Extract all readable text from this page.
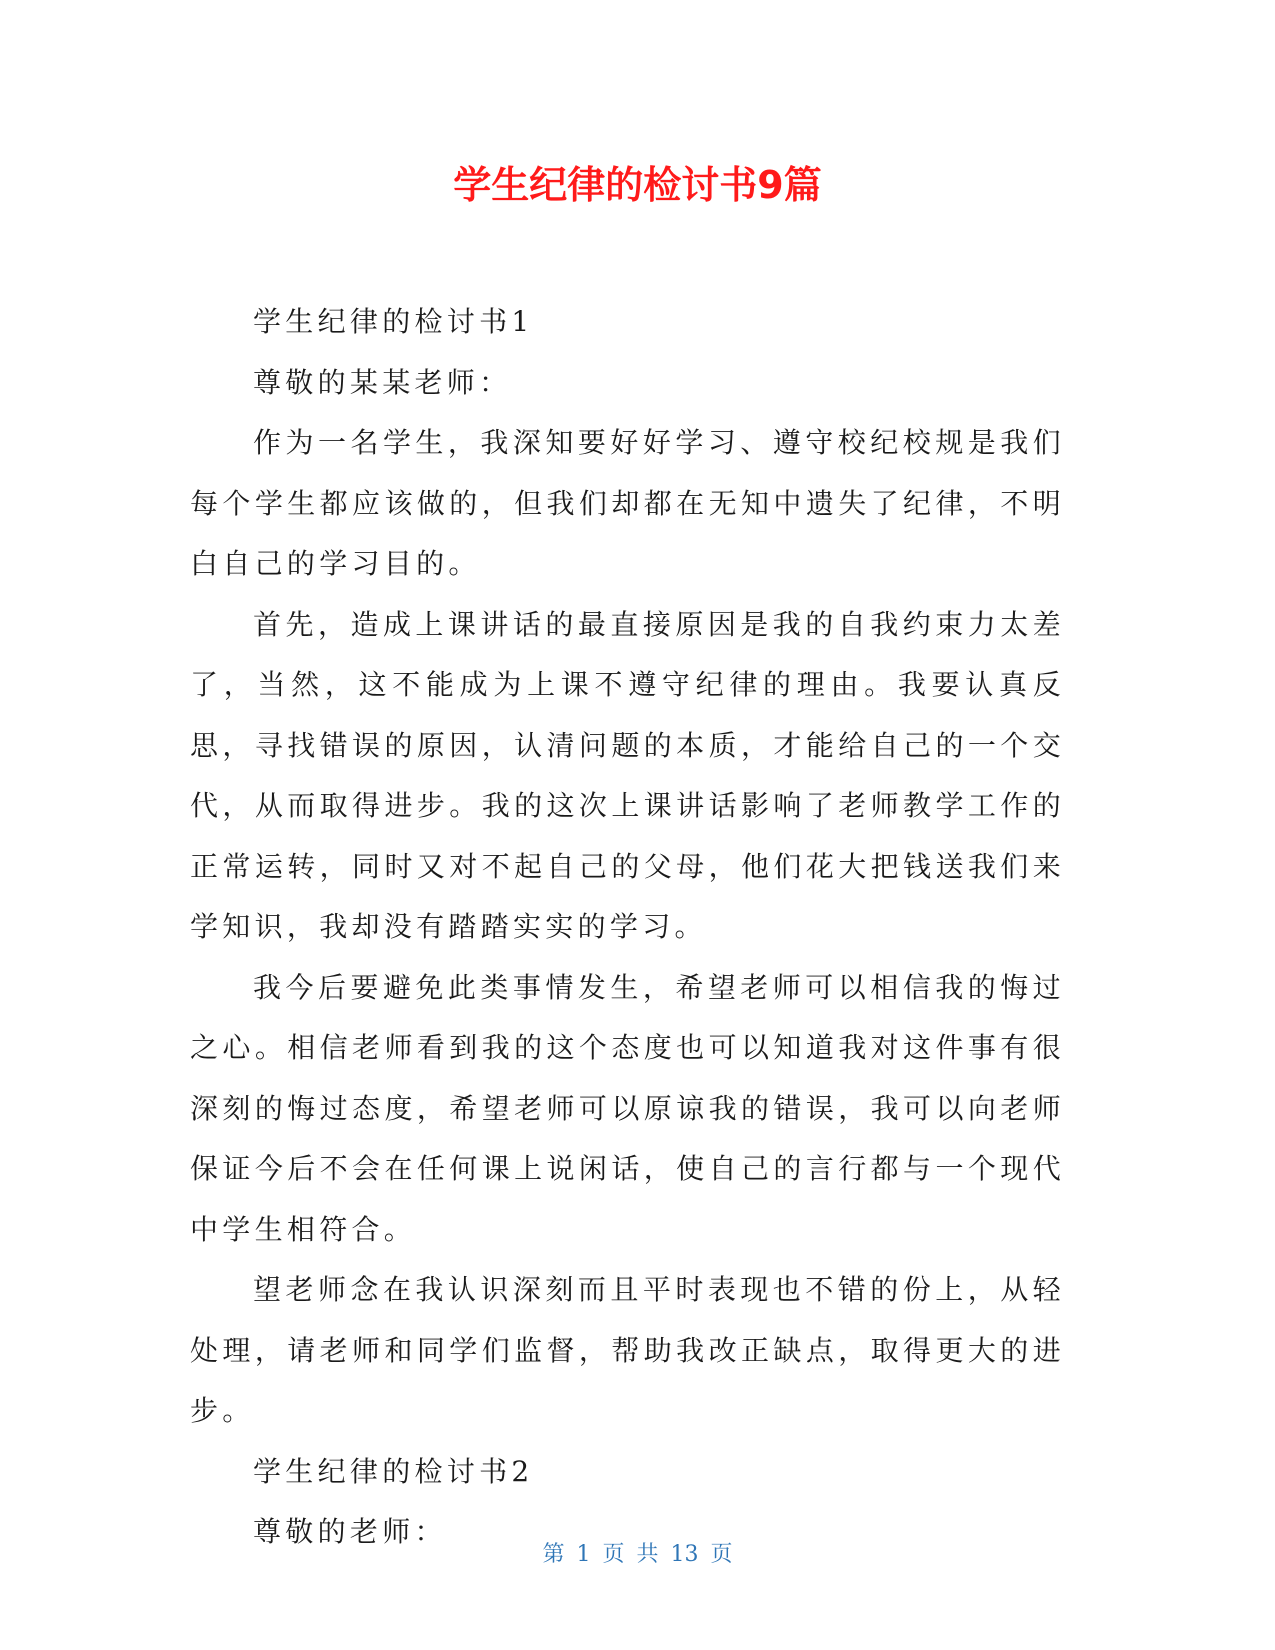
学生纪律的检讨书9篇

学生纪律的检讨书1

尊敬的某某老师：

作为一名学生，我深知要好好学习、遵守校纪校规是我们每个学生都应该做的，但我们却都在无知中遗失了纪律，不明白自己的学习目的。

首先，造成上课讲话的最直接原因是我的自我约束力太差了，当然，这不能成为上课不遵守纪律的理由。我要认真反思，寻找错误的原因，认清问题的本质，才能给自己的一个交代，从而取得进步。我的这次上课讲话影响了老师教学工作的正常运转，同时又对不起自己的父母，他们花大把钱送我们来学知识，我却没有踏踏实实的学习。

我今后要避免此类事情发生，希望老师可以相信我的悔过之心。相信老师看到我的这个态度也可以知道我对这件事有很深刻的悔过态度，希望老师可以原谅我的错误，我可以向老师保证今后不会在任何课上说闲话，使自己的言行都与一个现代中学生相符合。

望老师念在我认识深刻而且平时表现也不错的份上，从轻处理，请老师和同学们监督，帮助我改正缺点，取得更大的进步。

学生纪律的检讨书2

尊敬的老师：

第 1 页 共 13 页
